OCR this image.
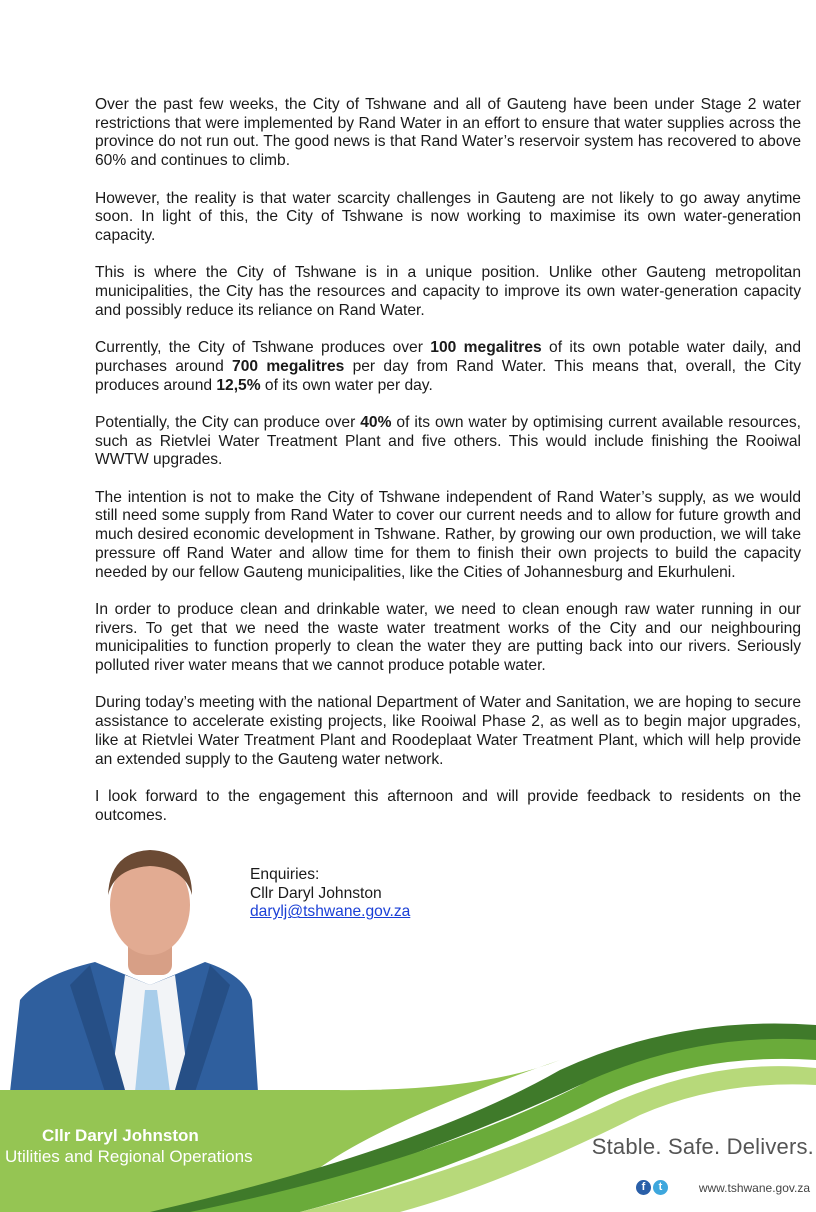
Over the past few weeks, the City of Tshwane and all of Gauteng have been under Stage 2 water restrictions that were implemented by Rand Water in an effort to ensure that water supplies across the province do not run out. The good news is that Rand Water’s reservoir system has recovered to above 60% and continues to climb.

However, the reality is that water scarcity challenges in Gauteng are not likely to go away anytime soon. In light of this, the City of Tshwane is now working to maximise its own water-generation capacity.

This is where the City of Tshwane is in a unique position. Unlike other Gauteng metropolitan municipalities, the City has the resources and capacity to improve its own water-generation capacity and possibly reduce its reliance on Rand Water.

Currently, the City of Tshwane produces over 100 megalitres of its own potable water daily, and purchases around 700 megalitres per day from Rand Water. This means that, overall, the City produces around 12,5% of its own water per day.

Potentially, the City can produce over 40% of its own water by optimising current available resources, such as Rietvlei Water Treatment Plant and five others. This would include finishing the Rooiwal WWTW upgrades.

The intention is not to make the City of Tshwane independent of Rand Water’s supply, as we would still need some supply from Rand Water to cover our current needs and to allow for future growth and much desired economic development in Tshwane. Rather, by growing our own production, we will take pressure off Rand Water and allow time for them to finish their own projects to build the capacity needed by our fellow Gauteng municipalities, like the Cities of Johannesburg and Ekurhuleni.

In order to produce clean and drinkable water, we need to clean enough raw water running in our rivers. To get that we need the waste water treatment works of the City and our neighbouring municipalities to function properly to clean the water they are putting back into our rivers. Seriously polluted river water means that we cannot produce potable water.

During today’s meeting with the national Department of Water and Sanitation, we are hoping to secure assistance to accelerate existing projects, like Rooiwal Phase 2, as well as to begin major upgrades, like at Rietvlei Water Treatment Plant and Roodeplaat Water Treatment Plant, which will help provide an extended supply to the Gauteng water network.

I look forward to the engagement this afternoon and will provide feedback to residents on the outcomes.

Enquiries:
Cllr Daryl Johnston
darylj@tshwane.gov.za
Cllr Daryl Johnston
Utilities and Regional Operations	Stable. Safe. Delivers.
f	t	www.tshwane.gov.za
